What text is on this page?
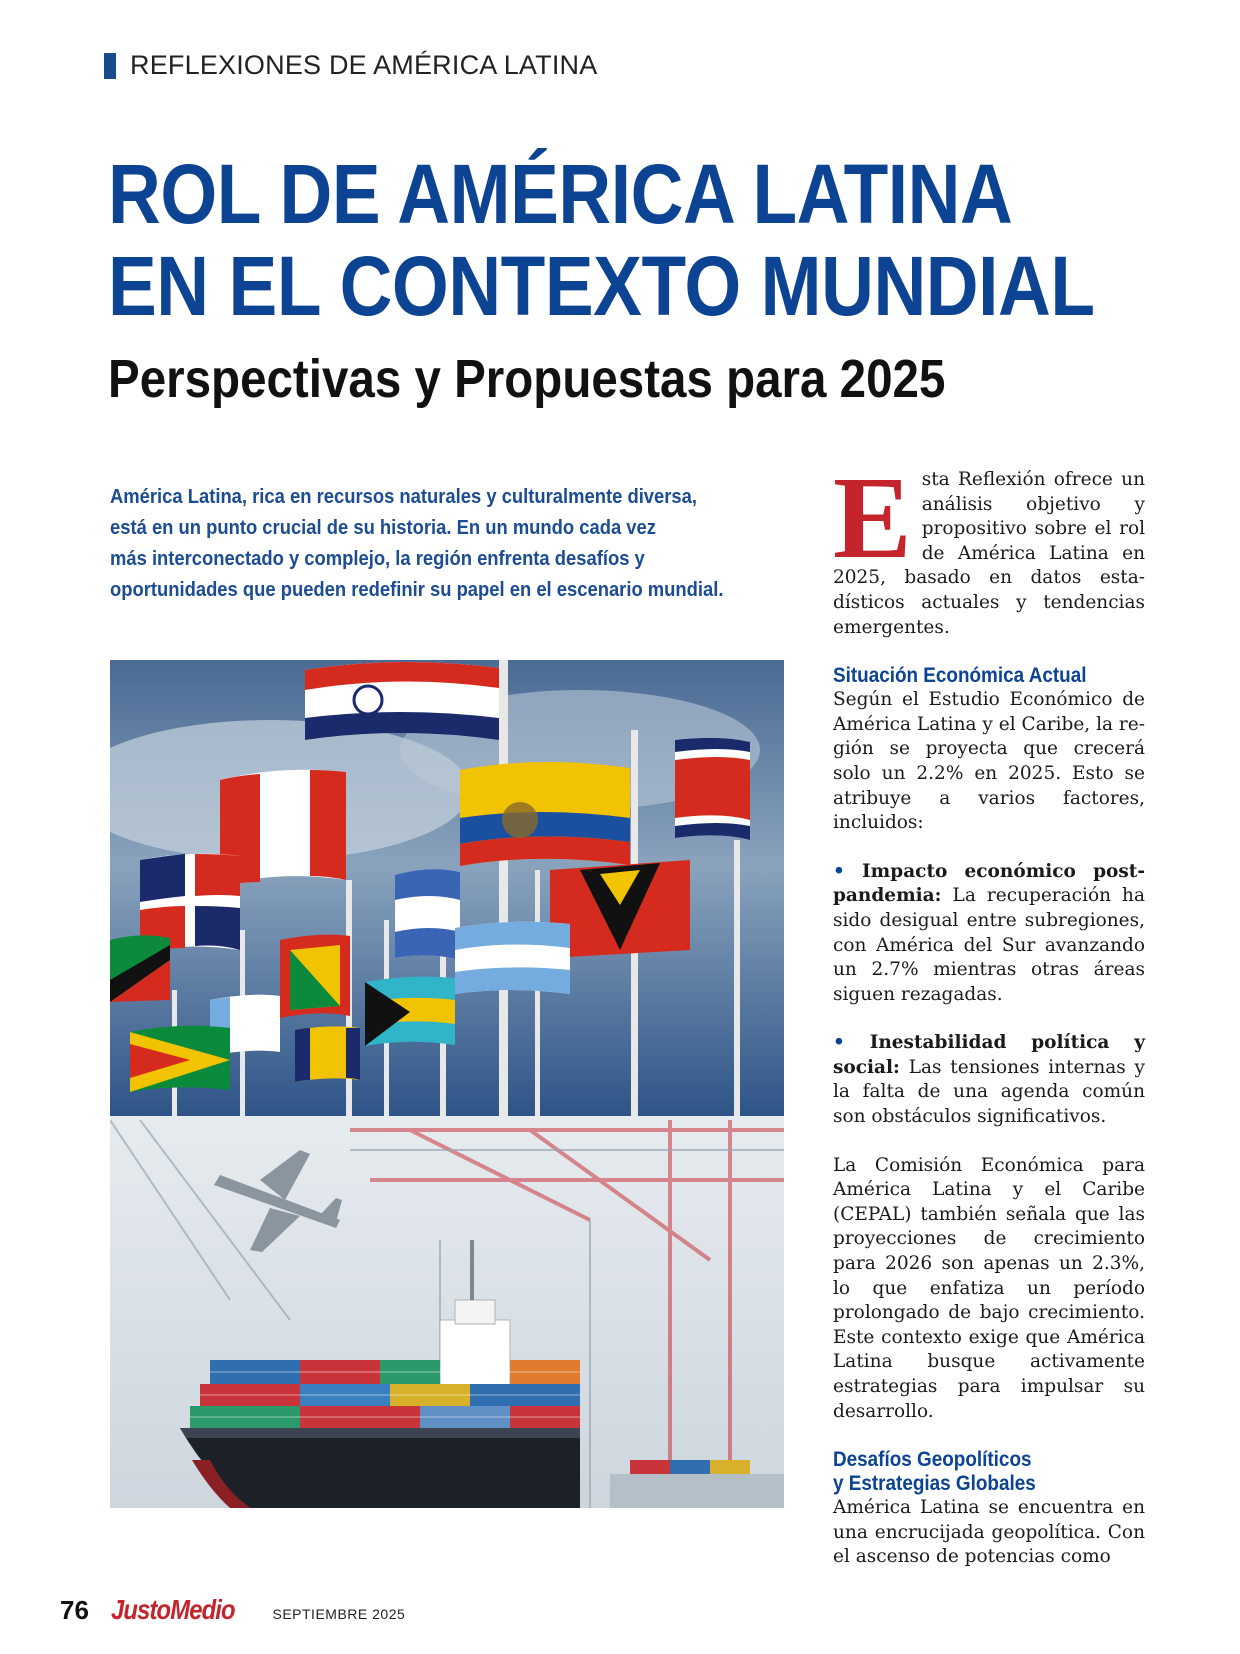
REFLEXIONES DE AMÉRICA LATINA
ROL DE AMÉRICA LATINA
EN EL CONTEXTO MUNDIAL
Perspectivas y Propuestas para 2025

América Latina, rica en recursos naturales y culturalmente diversa,

está en un punto crucial de su historia. En un mundo cada vez

más interconectado y complejo, la región enfrenta desafíos y

oportunidades que pueden redefinir su papel en el escenario mundial.

E sta Reflexión ofrece un análisis objetivo y propositivo sobre el rol de América Latina en 2025, basado en datos estadísticos actuales y tendencias emergentes.

Situación Económica Actual

Según el Estudio Económico de América Latina y el Caribe, la región se proyecta que crecerá solo un 2.2% en 2025. Esto se atribuye a varios factores, incluidos:

• Impacto económico post-pandemia: La recuperación ha sido desigual entre subregiones, con América del Sur avanzando un 2.7% mientras otras áreas siguen rezagadas.

• Inestabilidad política y social: Las tensiones internas y la falta de una agenda común son obstáculos significativos.

La Comisión Económica para América Latina y el Caribe (CEPAL) también señala que las proyecciones de crecimiento para 2026 son apenas un 2.3%, lo que enfatiza un período prolongado de bajo crecimiento. Este contexto exige que América Latina busque activamente estrategias para impulsar su desarrollo.

Desafíos Geopolíticos
y Estrategias Globales

América Latina se encuentra en una encrucijada geopolítica. Con el ascenso de potencias como

76 JustoMedio	SEPTIEMBRE 2025
